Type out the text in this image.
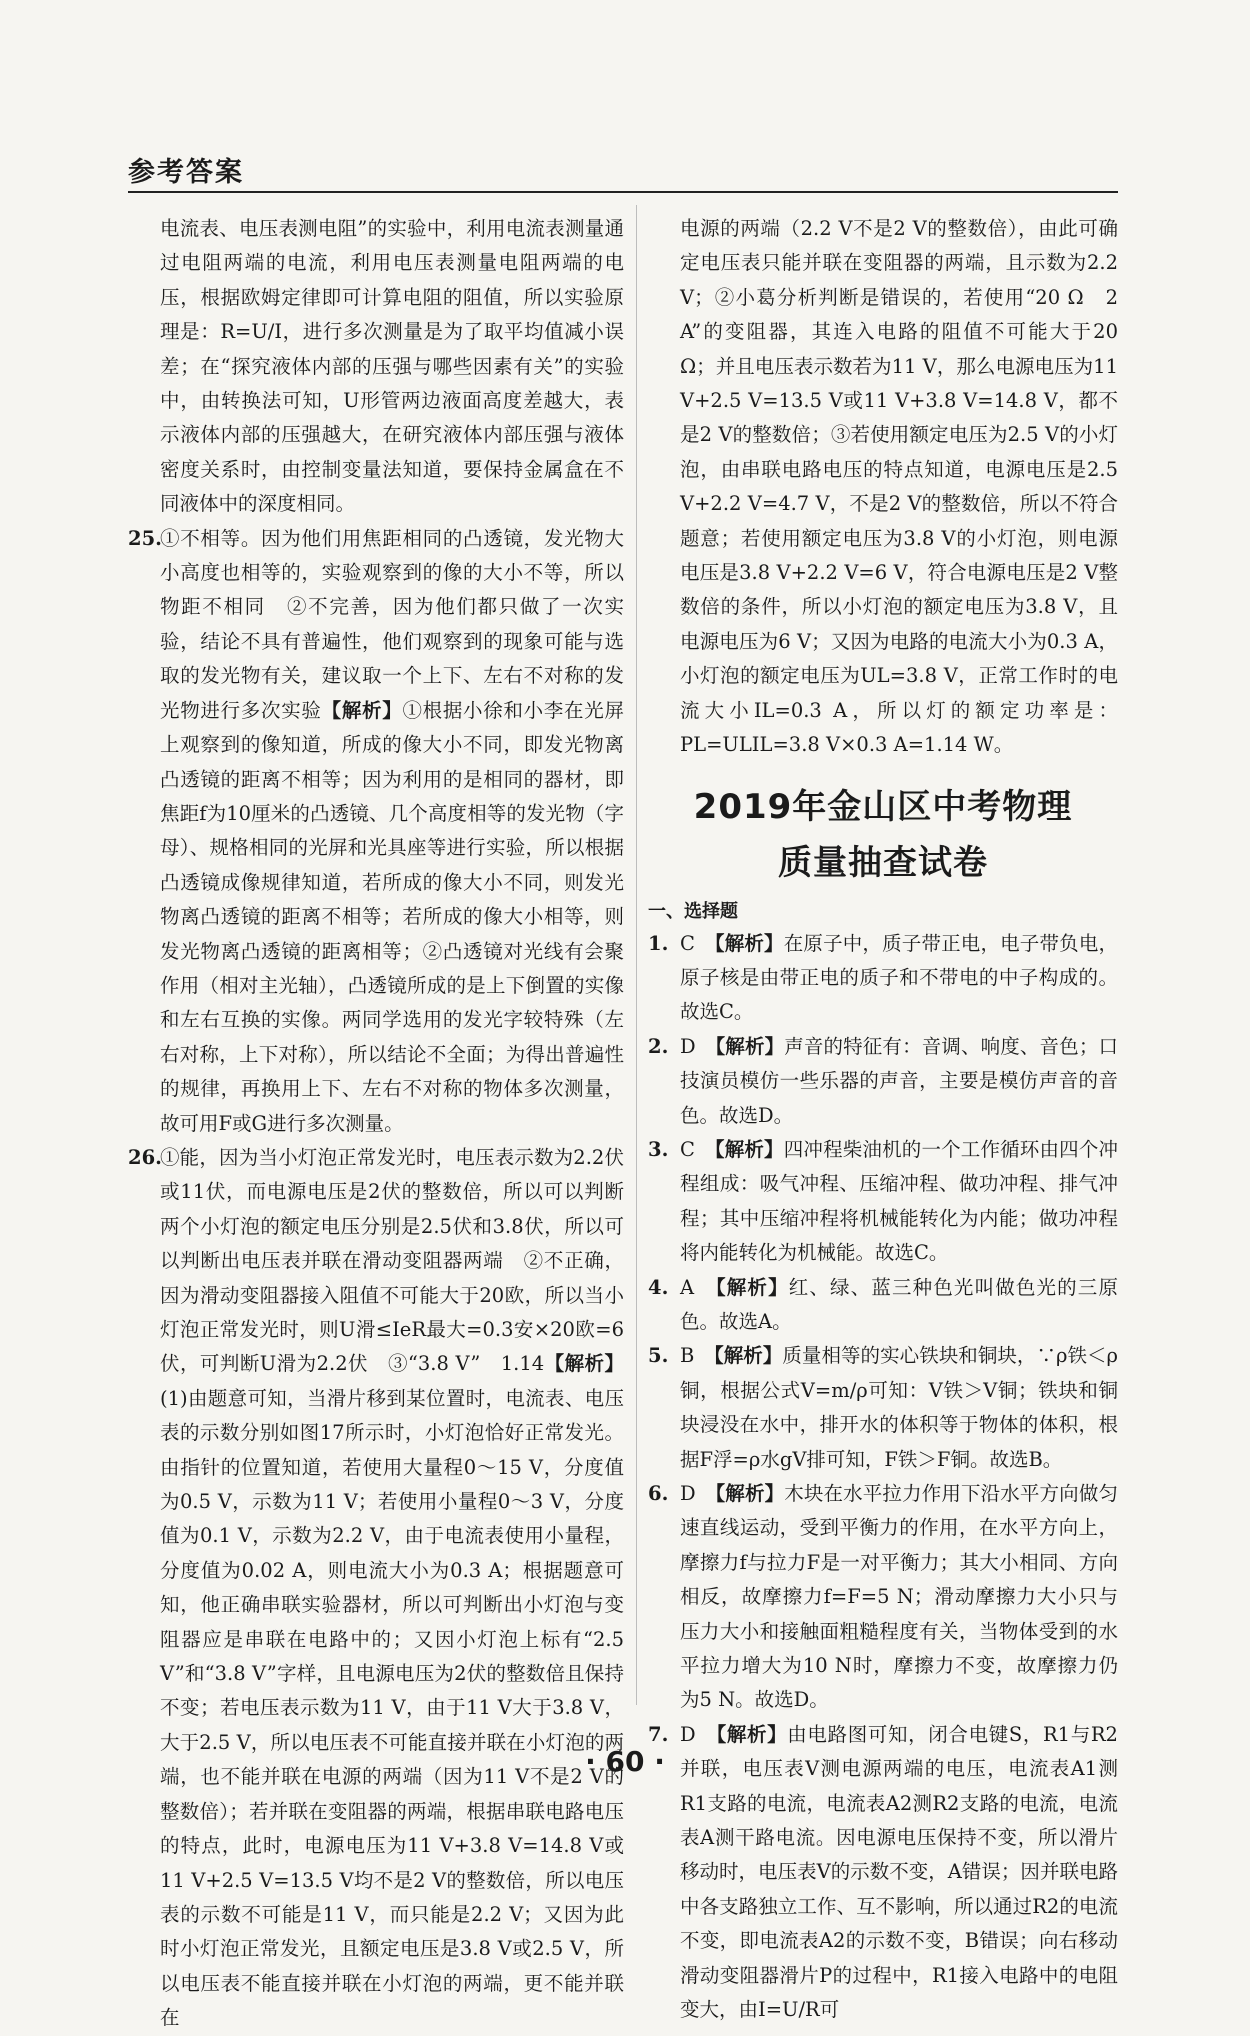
参考答案

电流表、电压表测电阻”的实验中，利用电流表测量通过电阻两端的电流，利用电压表测量电阻两端的电压，根据欧姆定律即可计算电阻的阻值，所以实验原理是：R=U/I，进行多次测量是为了取平均值减小误差；在“探究液体内部的压强与哪些因素有关”的实验中，由转换法可知，U形管两边液面高度差越大，表示液体内部的压强越大，在研究液体内部压强与液体密度关系时，由控制变量法知道，要保持金属盒在不同液体中的深度相同。

25.
①不相等。因为他们用焦距相同的凸透镜，发光物大小高度也相等的，实验观察到的像的大小不等，所以物距不相同　②不完善，因为他们都只做了一次实验，结论不具有普遍性，他们观察到的现象可能与选取的发光物有关，建议取一个上下、左右不对称的发光物进行多次实验【解析】①根据小徐和小李在光屏上观察到的像知道，所成的像大小不同，即发光物离凸透镜的距离不相等；因为利用的是相同的器材，即焦距f为10厘米的凸透镜、几个高度相等的发光物（字母）、规格相同的光屏和光具座等进行实验，所以根据凸透镜成像规律知道，若所成的像大小不同，则发光物离凸透镜的距离不相等；若所成的像大小相等，则发光物离凸透镜的距离相等；②凸透镜对光线有会聚作用（相对主光轴），凸透镜所成的是上下倒置的实像和左右互换的实像。两同学选用的发光字较特殊（左右对称，上下对称），所以结论不全面；为得出普遍性的规律，再换用上下、左右不对称的物体多次测量，故可用F或G进行多次测量。
26.
①能，因为当小灯泡正常发光时，电压表示数为2.2伏或11伏，而电源电压是2伏的整数倍，所以可以判断两个小灯泡的额定电压分别是2.5伏和3.8伏，所以可以判断出电压表并联在滑动变阻器两端　②不正确，因为滑动变阻器接入阻值不可能大于20欧，所以当小灯泡正常发光时，则U滑≤IeR最大=0.3安×20欧=6伏，可判断U滑为2.2伏　③“3.8 V”　1.14【解析】(1)由题意可知，当滑片移到某位置时，电流表、电压表的示数分别如图17所示时，小灯泡恰好正常发光。由指针的位置知道，若使用大量程0～15 V，分度值为0.5 V，示数为11 V；若使用小量程0～3 V，分度值为0.1 V，示数为2.2 V，由于电流表使用小量程，分度值为0.02 A，则电流大小为0.3 A；根据题意可知，他正确串联实验器材，所以可判断出小灯泡与变阻器应是串联在电路中的；又因小灯泡上标有“2.5 V”和“3.8 V”字样，且电源电压为2伏的整数倍且保持不变；若电压表示数为11 V，由于11 V大于3.8 V，大于2.5 V，所以电压表不可能直接并联在小灯泡的两端，也不能并联在电源的两端（因为11 V不是2 V的整数倍）；若并联在变阻器的两端，根据串联电路电压的特点，此时，电源电压为11 V+3.8 V=14.8 V或11 V+2.5 V=13.5 V均不是2 V的整数倍，所以电压表的示数不可能是11 V，而只能是2.2 V；又因为此时小灯泡正常发光，且额定电压是3.8 V或2.5 V，所以电压表不能直接并联在小灯泡的两端，更不能并联在

电源的两端（2.2 V不是2 V的整数倍），由此可确定电压表只能并联在变阻器的两端，且示数为2.2 V；②小葛分析判断是错误的，若使用“20 Ω　2 A”的变阻器，其连入电路的阻值不可能大于20 Ω；并且电压表示数若为11 V，那么电源电压为11 V+2.5 V=13.5 V或11 V+3.8 V=14.8 V，都不是2 V的整数倍；③若使用额定电压为2.5 V的小灯泡，由串联电路电压的特点知道，电源电压是2.5 V+2.2 V=4.7 V，不是2 V的整数倍，所以不符合题意；若使用额定电压为3.8 V的小灯泡，则电源电压是3.8 V+2.2 V=6 V，符合电源电压是2 V整数倍的条件，所以小灯泡的额定电压为3.8 V，且电源电压为6 V；又因为电路的电流大小为0.3 A，小灯泡的额定电压为UL=3.8 V，正常工作时的电流大小IL=0.3 A，所以灯的额定功率是：PL=ULIL=3.8 V×0.3 A=1.14 W。

2019年金山区中考物理
质量抽查试卷
一、选择题
1. C　 【解析】在原子中，质子带正电，电子带负电，原子核是由带正电的质子和不带电的中子构成的。故选C。
2. D　 【解析】声音的特征有：音调、响度、音色；口技演员模仿一些乐器的声音，主要是模仿声音的音色。故选D。
3. C　 【解析】四冲程柴油机的一个工作循环由四个冲程组成：吸气冲程、压缩冲程、做功冲程、排气冲程；其中压缩冲程将机械能转化为内能；做功冲程将内能转化为机械能。故选C。
4. A　 【解析】红、绿、蓝三种色光叫做色光的三原色。故选A。
5. B　 【解析】质量相等的实心铁块和铜块，∵ρ铁＜ρ铜，根据公式V=m/ρ可知：V铁＞V铜；铁块和铜块浸没在水中，排开水的体积等于物体的体积，根据F浮=ρ水gV排可知，F铁＞F铜。故选B。
6. D　 【解析】木块在水平拉力作用下沿水平方向做匀速直线运动，受到平衡力的作用，在水平方向上，摩擦力f与拉力F是一对平衡力；其大小相同、方向相反，故摩擦力f=F=5 N；滑动摩擦力大小只与压力大小和接触面粗糙程度有关，当物体受到的水平拉力增大为10 N时，摩擦力不变，故摩擦力仍为5 N。故选D。
7. D　 【解析】由电路图可知，闭合电键S，R1与R2并联，电压表V测电源两端的电压，电流表A1测R1支路的电流，电流表A2测R2支路的电流，电流表A测干路电流。因电源电压保持不变，所以滑片移动时，电压表V的示数不变，A错误；因并联电路中各支路独立工作、互不影响，所以通过R2的电流不变，即电流表A2的示数不变，B错误；向右移动滑动变阻器滑片P的过程中，R1接入电路中的电阻变大，由I=U/R可
· 60 ·
